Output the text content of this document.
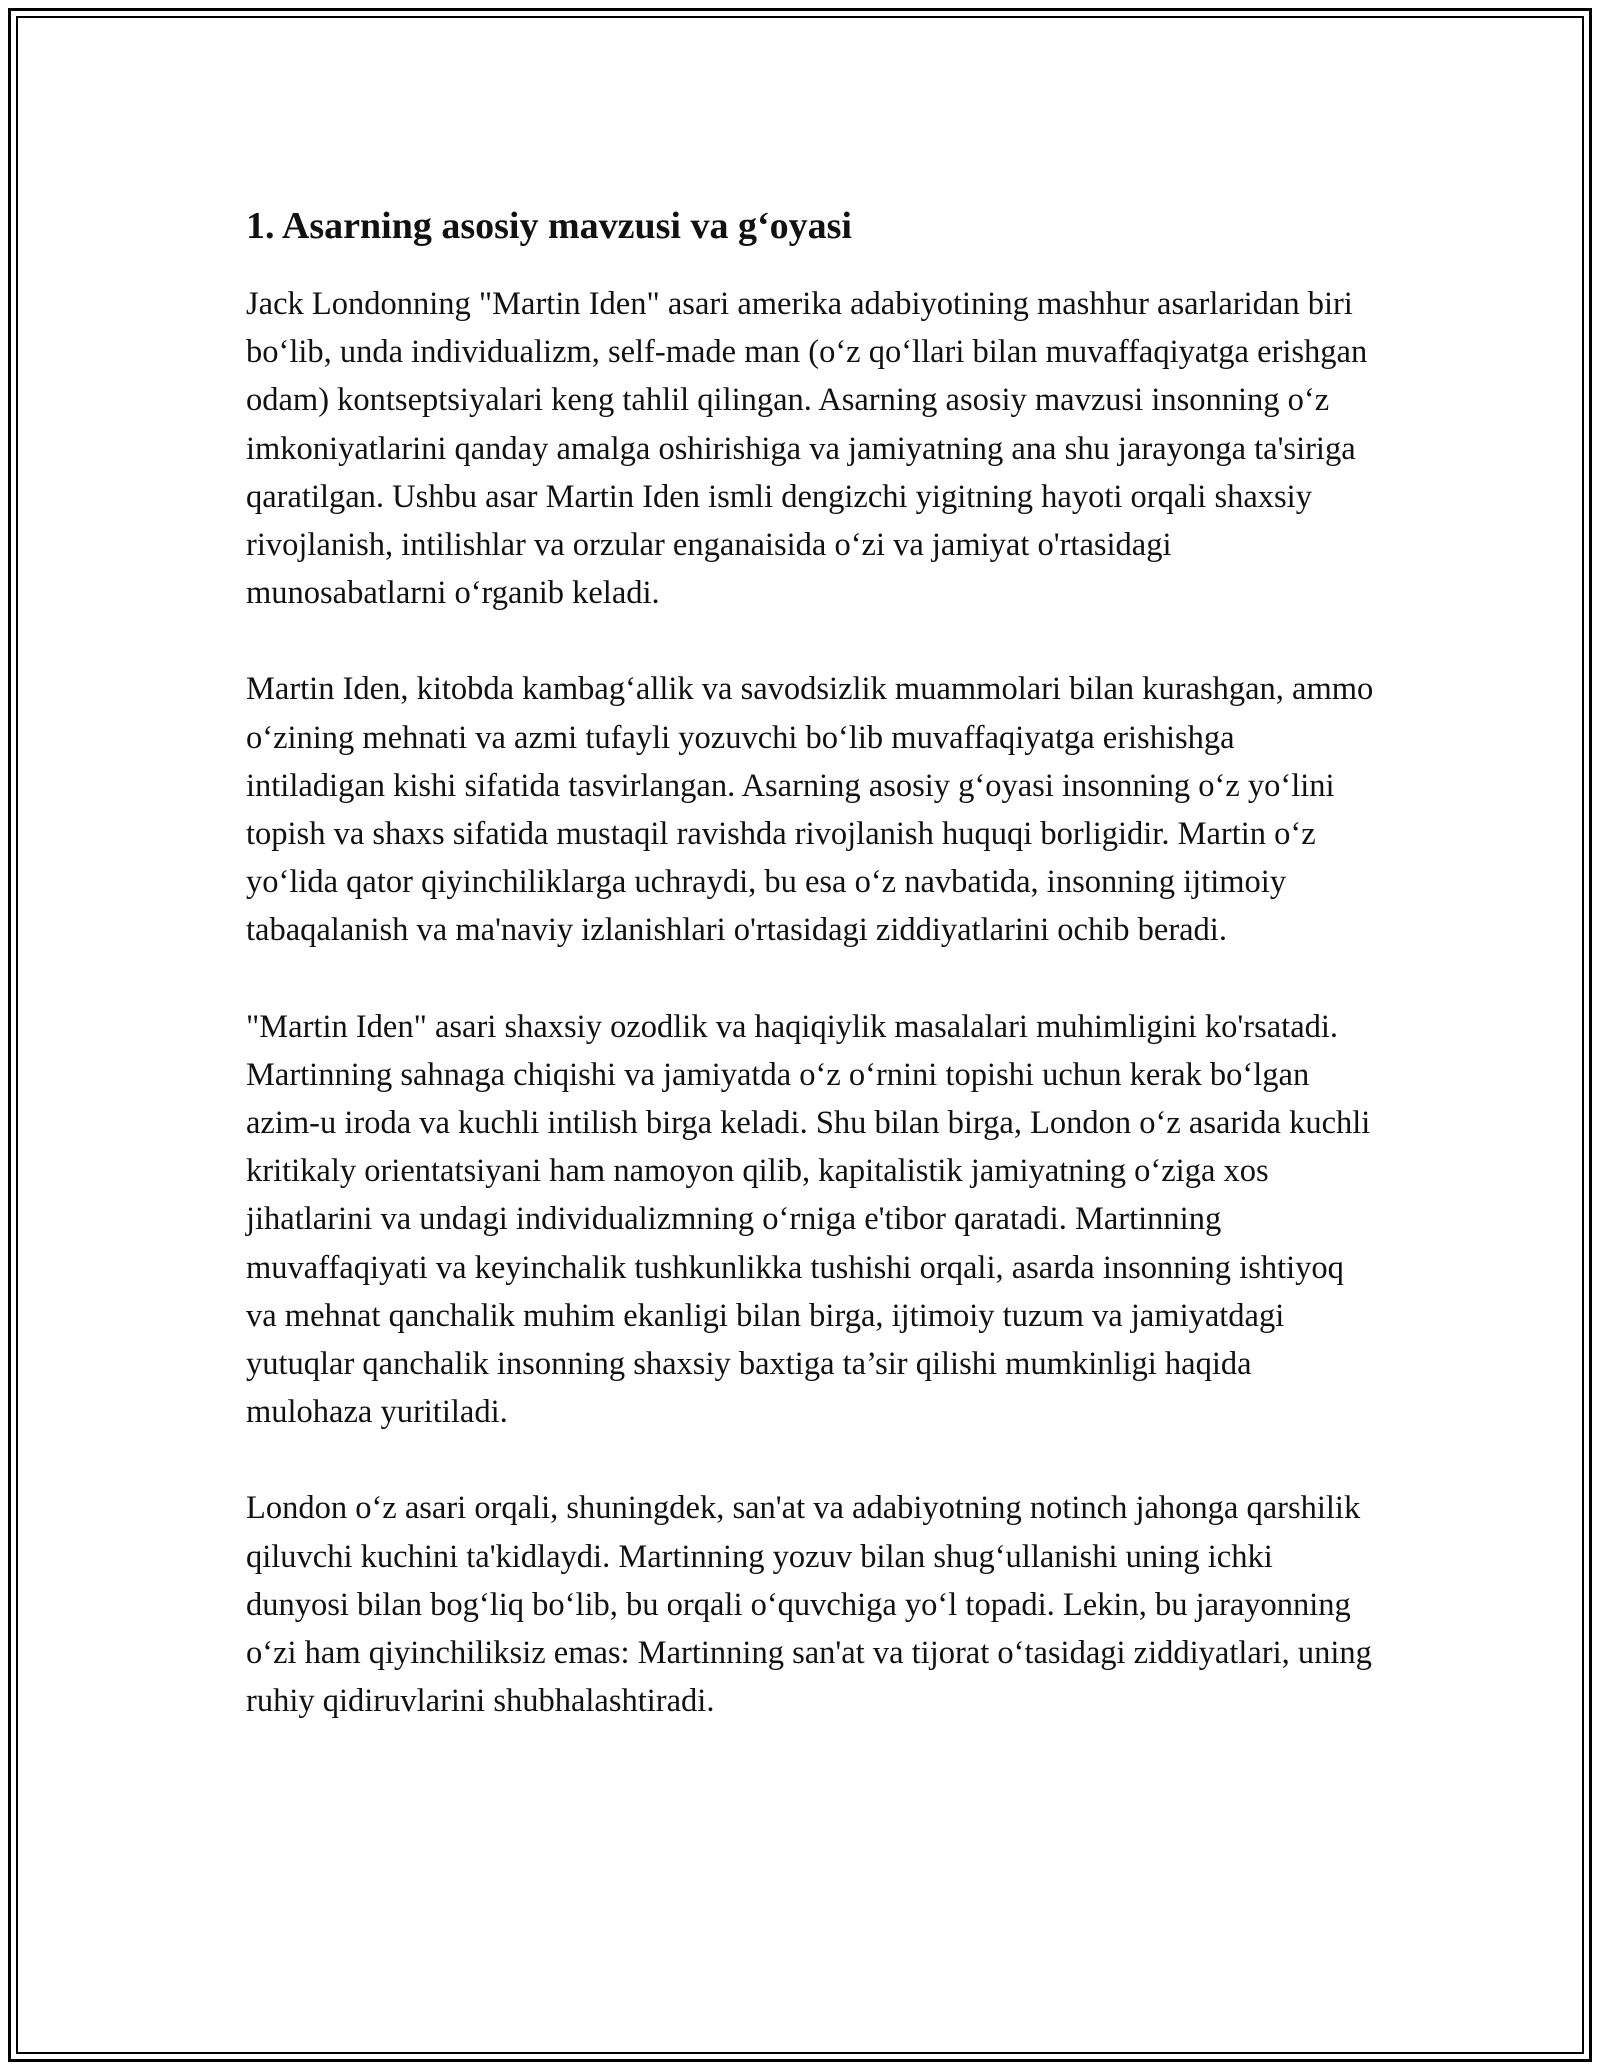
1. Asarning asosiy mavzusi va g‘oyasi

Jack Londonning "Martin Iden" asari amerika adabiyotining mashhur asarlaridan biri bo‘lib, unda individualizm, self-made man (o‘z qo‘llari bilan muvaffaqiyatga erishgan odam) kontseptsiyalari keng tahlil qilingan. Asarning asosiy mavzusi insonning o‘z imkoniyatlarini qanday amalga oshirishiga va jamiyatning ana shu jarayonga ta'siriga qaratilgan. Ushbu asar Martin Iden ismli dengizchi yigitning hayoti orqali shaxsiy rivojlanish, intilishlar va orzular enganaisida o‘zi va jamiyat o'rtasidagi munosabatlarni o‘rganib keladi.

Martin Iden, kitobda kambag‘allik va savodsizlik muammolari bilan kurashgan, ammo o‘zining mehnati va azmi tufayli yozuvchi bo‘lib muvaffaqiyatga erishishga intiladigan kishi sifatida tasvirlangan. Asarning asosiy g‘oyasi insonning o‘z yo‘lini topish va shaxs sifatida mustaqil ravishda rivojlanish huquqi borligidir. Martin o‘z yo‘lida qator qiyinchiliklarga uchraydi, bu esa o‘z navbatida, insonning ijtimoiy tabaqalanish va ma'naviy izlanishlari o'rtasidagi ziddiyatlarini ochib beradi.

"Martin Iden" asari shaxsiy ozodlik va haqiqiylik masalalari muhimligini ko'rsatadi. Martinning sahnaga chiqishi va jamiyatda o‘z o‘rnini topishi uchun kerak bo‘lgan azim-u iroda va kuchli intilish birga keladi. Shu bilan birga, London o‘z asarida kuchli kritikaly orientatsiyani ham namoyon qilib, kapitalistik jamiyatning o‘ziga xos jihatlarini va undagi individualizmning o‘rniga e'tibor qaratadi. Martinning muvaffaqiyati va keyinchalik tushkunlikka tushishi orqali, asarda insonning ishtiyoq va mehnat qanchalik muhim ekanligi bilan birga, ijtimoiy tuzum va jamiyatdagi yutuqlar qanchalik insonning shaxsiy baxtiga ta’sir qilishi mumkinligi haqida mulohaza yuritiladi.

London o‘z asari orqali, shuningdek, san'at va adabiyotning notinch jahonga qarshilik qiluvchi kuchini ta'kidlaydi. Martinning yozuv bilan shug‘ullanishi uning ichki dunyosi bilan bog‘liq bo‘lib, bu orqali o‘quvchiga yo‘l topadi. Lekin, bu jarayonning o‘zi ham qiyinchiliksiz emas: Martinning san'at va tijorat o‘tasidagi ziddiyatlari, uning ruhiy qidiruvlarini shubhalashtiradi.
